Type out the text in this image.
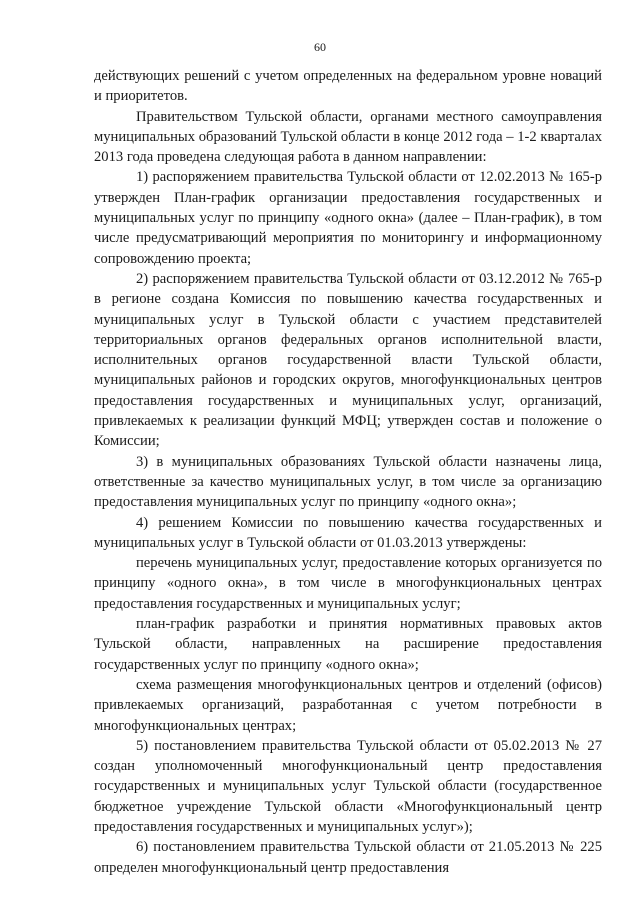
60

действующих решений с учетом определенных на федеральном уровне новаций и приоритетов.

Правительством Тульской области, органами местного самоуправления муниципальных образований Тульской области в конце 2012 года – 1-2 кварталах 2013 года проведена следующая работа в данном направлении:

1) распоряжением правительства Тульской области от 12.02.2013 № 165-р утвержден План-график организации предоставления государственных и муниципальных услуг по принципу «одного окна» (далее – План-график), в том числе предусматривающий мероприятия по мониторингу и информационному сопровождению проекта;

2) распоряжением правительства Тульской области от 03.12.2012 № 765-р в регионе создана Комиссия по повышению качества государственных и муниципальных услуг в Тульской области с участием представителей территориальных органов федеральных органов исполнительной власти, исполнительных органов государственной власти Тульской области, муниципальных районов и городских округов, многофункциональных центров предоставления государственных и муниципальных услуг, организаций, привлекаемых к реализации функций МФЦ; утвержден состав и положение о Комиссии;

3) в муниципальных образованиях Тульской области назначены лица, ответственные за качество муниципальных услуг, в том числе за организацию предоставления муниципальных услуг по принципу «одного окна»;

4) решением Комиссии по повышению качества государственных и муниципальных услуг в Тульской области от 01.03.2013 утверждены:

перечень муниципальных услуг, предоставление которых организуется по принципу «одного окна», в том числе в многофункциональных центрах предоставления государственных и муниципальных услуг;

план-график разработки и принятия нормативных правовых актов Тульской области, направленных на расширение предоставления государственных услуг по принципу «одного окна»;

схема размещения многофункциональных центров и отделений (офисов) привлекаемых организаций, разработанная с учетом потребности в многофункциональных центрах;

5) постановлением правительства Тульской области от 05.02.2013 № 27 создан уполномоченный многофункциональный центр предоставления государственных и муниципальных услуг Тульской области (государственное бюджетное учреждение Тульской области «Многофункциональный центр предоставления государственных и муниципальных услуг»);

6) постановлением правительства Тульской области от 21.05.2013 № 225 определен многофункциональный центр предоставления
